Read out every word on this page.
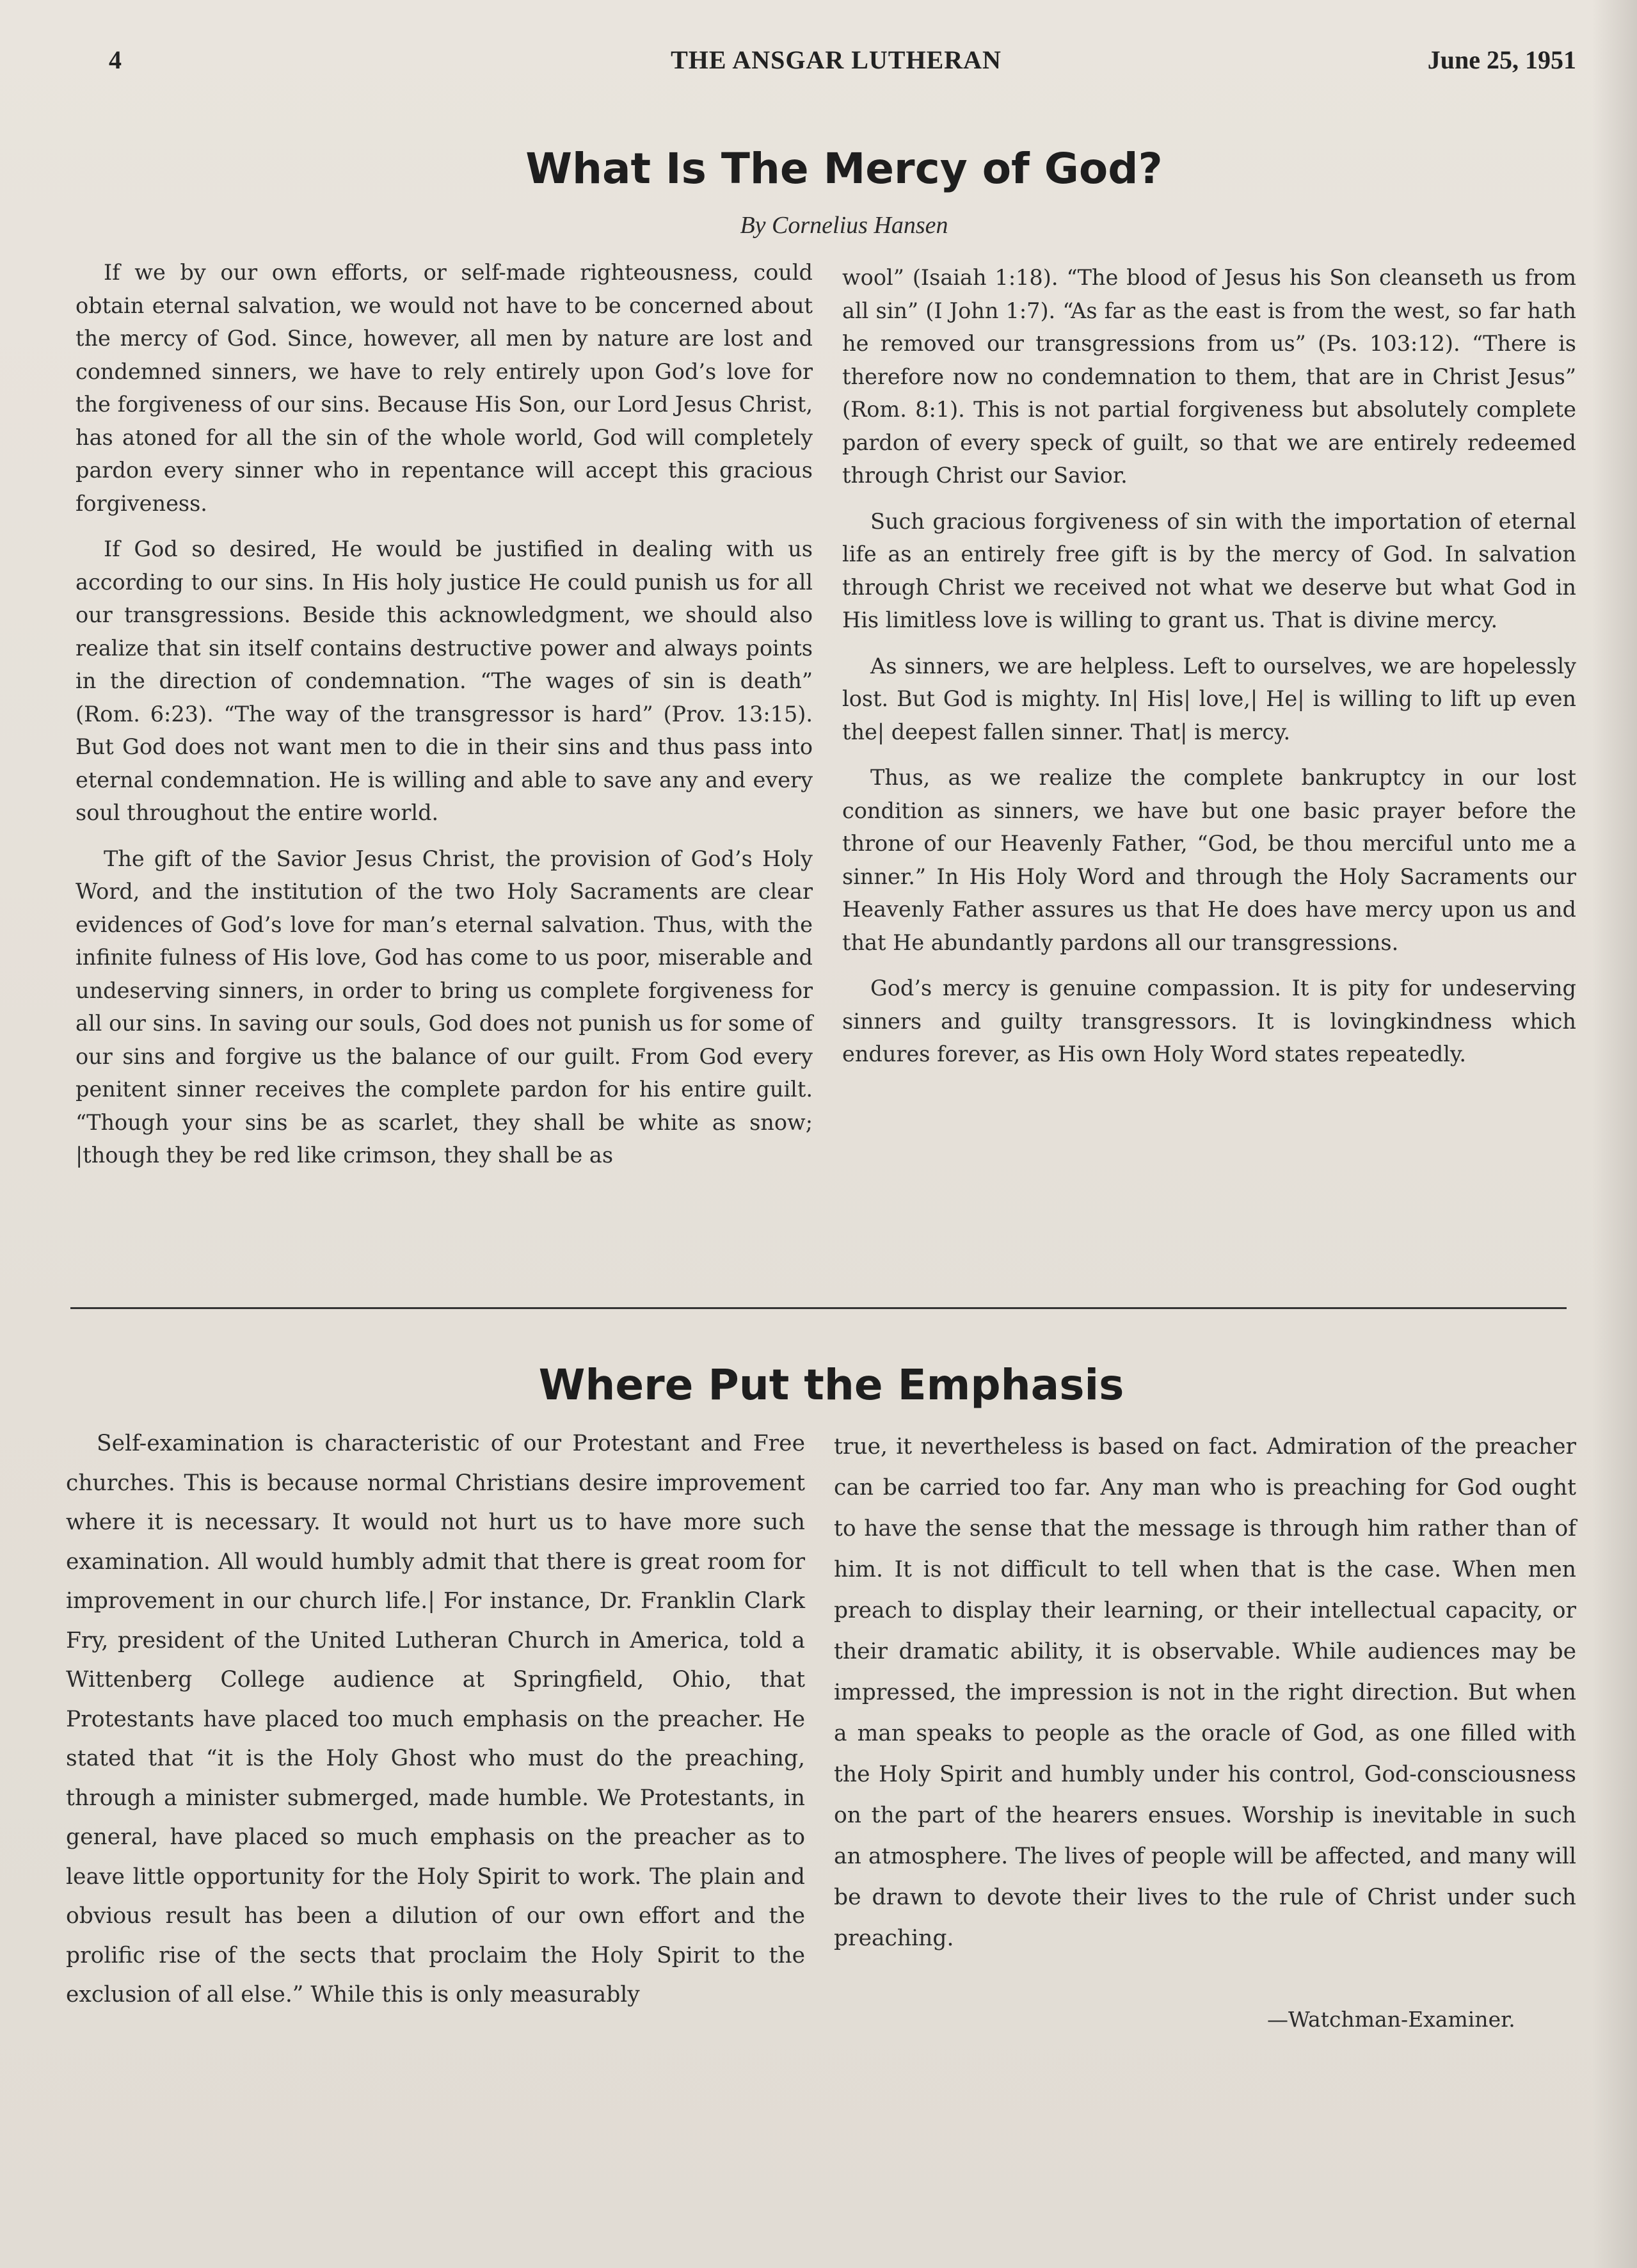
4	THE ANSGAR LUTHERAN	June 25, 1951
What Is The Mercy of God?
By Cornelius Hansen

If we by our own efforts, or self-made righteousness, could obtain eternal salvation, we would not have to be concerned about the mercy of God. Since, however, all men by nature are lost and condemned sinners, we have to rely entirely upon God’s love for the forgiveness of our sins. Because His Son, our Lord Jesus Christ, has atoned for all the sin of the whole world, God will completely pardon every sinner who in repentance will accept this gracious forgiveness.

If God so desired, He would be justified in dealing with us according to our sins. In His holy justice He could punish us for all our transgressions. Beside this acknowledgment, we should also realize that sin itself contains destructive power and always points in the direction of condemnation. “The wages of sin is death” (Rom. 6:23). “The way of the transgressor is hard” (Prov. 13:15). But God does not want men to die in their sins and thus pass into eternal condemnation. He is willing and able to save any and every soul throughout the entire world.

The gift of the Savior Jesus Christ, the provision of God’s Holy Word, and the institution of the two Holy Sacraments are clear evidences of God’s love for man’s eternal salvation. Thus, with the infinite fulness of His love, God has come to us poor, miserable and undeserving sinners, in order to bring us complete forgiveness for all our sins. In saving our souls, God does not punish us for some of our sins and forgive us the balance of our guilt. From God every penitent sinner receives the complete pardon for his entire guilt. “Though your sins be as scarlet, they shall be white as snow; |though they be red like crimson, they shall be as

wool” (Isaiah 1:18). “The blood of Jesus his Son cleanseth us from all sin” (I John 1:7). “As far as the east is from the west, so far hath he removed our transgressions from us” (Ps. 103:12). “There is therefore now no condemnation to them, that are in Christ Jesus” (Rom. 8:1). This is not partial forgiveness but absolutely complete pardon of every speck of guilt, so that we are entirely redeemed through Christ our Savior.

Such gracious forgiveness of sin with the importation of eternal life as an entirely free gift is by the mercy of God. In salvation through Christ we received not what we deserve but what God in His limitless love is willing to grant us. That is divine mercy.

As sinners, we are helpless. Left to ourselves, we are hopelessly lost. But God is mighty. In| His| love,| He| is willing to lift up even the| deepest fallen sinner. That| is mercy.

Thus, as we realize the complete bankruptcy in our lost condition as sinners, we have but one basic prayer before the throne of our Heavenly Father, “God, be thou merciful unto me a sinner.” In His Holy Word and through the Holy Sacraments our Heavenly Father assures us that He does have mercy upon us and that He abundantly pardons all our transgressions.

God’s mercy is genuine compassion. It is pity for undeserving sinners and guilty transgressors. It is lovingkindness which endures forever, as His own Holy Word states repeatedly.

Where Put the Emphasis

Self-examination is characteristic of our Protestant and Free churches. This is because normal Christians desire improvement where it is necessary. It would not hurt us to have more such examination. All would humbly admit that there is great room for improvement in our church life.| For instance, Dr. Franklin Clark Fry, president of the United Lutheran Church in America, told a Wittenberg College audience at Springfield, Ohio, that Protestants have placed too much emphasis on the preacher. He stated that “it is the Holy Ghost who must do the preaching, through a minister submerged, made humble. We Protestants, in general, have placed so much emphasis on the preacher as to leave little opportunity for the Holy Spirit to work. The plain and obvious result has been a dilution of our own effort and the prolific rise of the sects that proclaim the Holy Spirit to the exclusion of all else.” While this is only measurably

true, it nevertheless is based on fact. Admiration of the preacher can be carried too far. Any man who is preaching for God ought to have the sense that the message is through him rather than of him. It is not difficult to tell when that is the case. When men preach to display their learning, or their intellectual capacity, or their dramatic ability, it is observable. While audiences may be impressed, the impression is not in the right direction. But when a man speaks to people as the oracle of God, as one filled with the Holy Spirit and humbly under his control, God-consciousness on the part of the hearers ensues. Worship is inevitable in such an atmosphere. The lives of people will be affected, and many will be drawn to devote their lives to the rule of Christ under such preaching.

—Watchman-Examiner.
